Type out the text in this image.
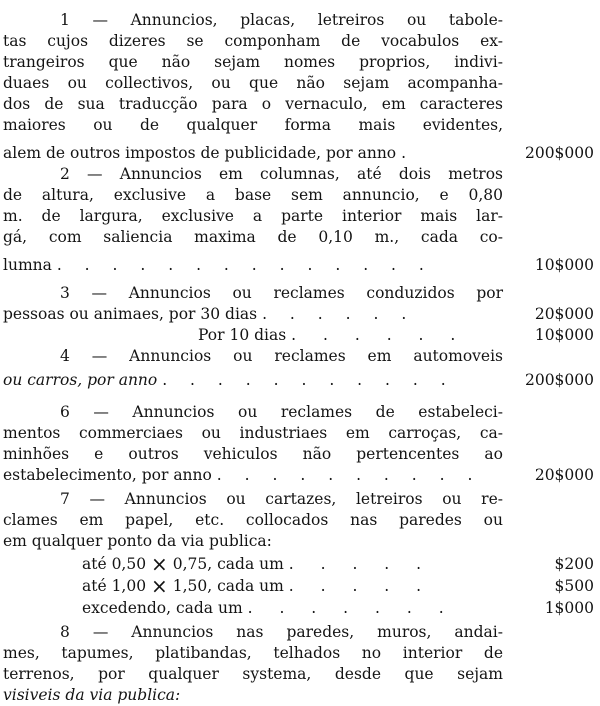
1 — Annuncios, placas, letreiros ou tabole-
tas cujos dizeres se componham de vocabulos ex-
trangeiros que não sejam nomes proprios, indivi-
duaes ou collectivos, ou que não sejam acompanha-
dos de sua traducção para o vernaculo, em caracteres
maiores ou de qualquer forma mais evidentes,
alem de outros impostos de publicidade, por anno .	200$000
2 — Annuncios em columnas, até dois metros
de altura, exclusive a base sem annuncio, e 0,80
m. de largura, exclusive a parte interior mais lar-
gá, com saliencia maxima de 0,10 m., cada co-
lumna . . . . . . . . . . . . . .	10$000
3 — Annuncios ou reclames conduzidos por
pessoas ou animaes, por 30 dias . . . . . .	20$000
Por 10 dias . . . . . .	10$000
4 — Annuncios ou reclames em automoveis
ou carros, por anno . . . . . . . . . . .	200$000
6 — Annuncios ou reclames de estabeleci-
mentos commerciaes ou industriaes em carroças, ca-
minhões e outros vehiculos não pertencentes ao
estabelecimento, por anno . . . . . . . . . .	20$000
7 — Annuncios ou cartazes, letreiros ou re-
clames em papel, etc. collocados nas paredes ou
em qualquer ponto da via publica:
até 0,50 × 0,75, cada um . . . . .	$200
até 1,00 × 1,50, cada um . . . . .	$500
excedendo, cada um . . . . . . .	1$000
8 — Annuncios nas paredes, muros, andai-
mes, tapumes, platibandas, telhados no interior de
terrenos, por qualquer systema, desde que sejam
visiveis da via publica:
